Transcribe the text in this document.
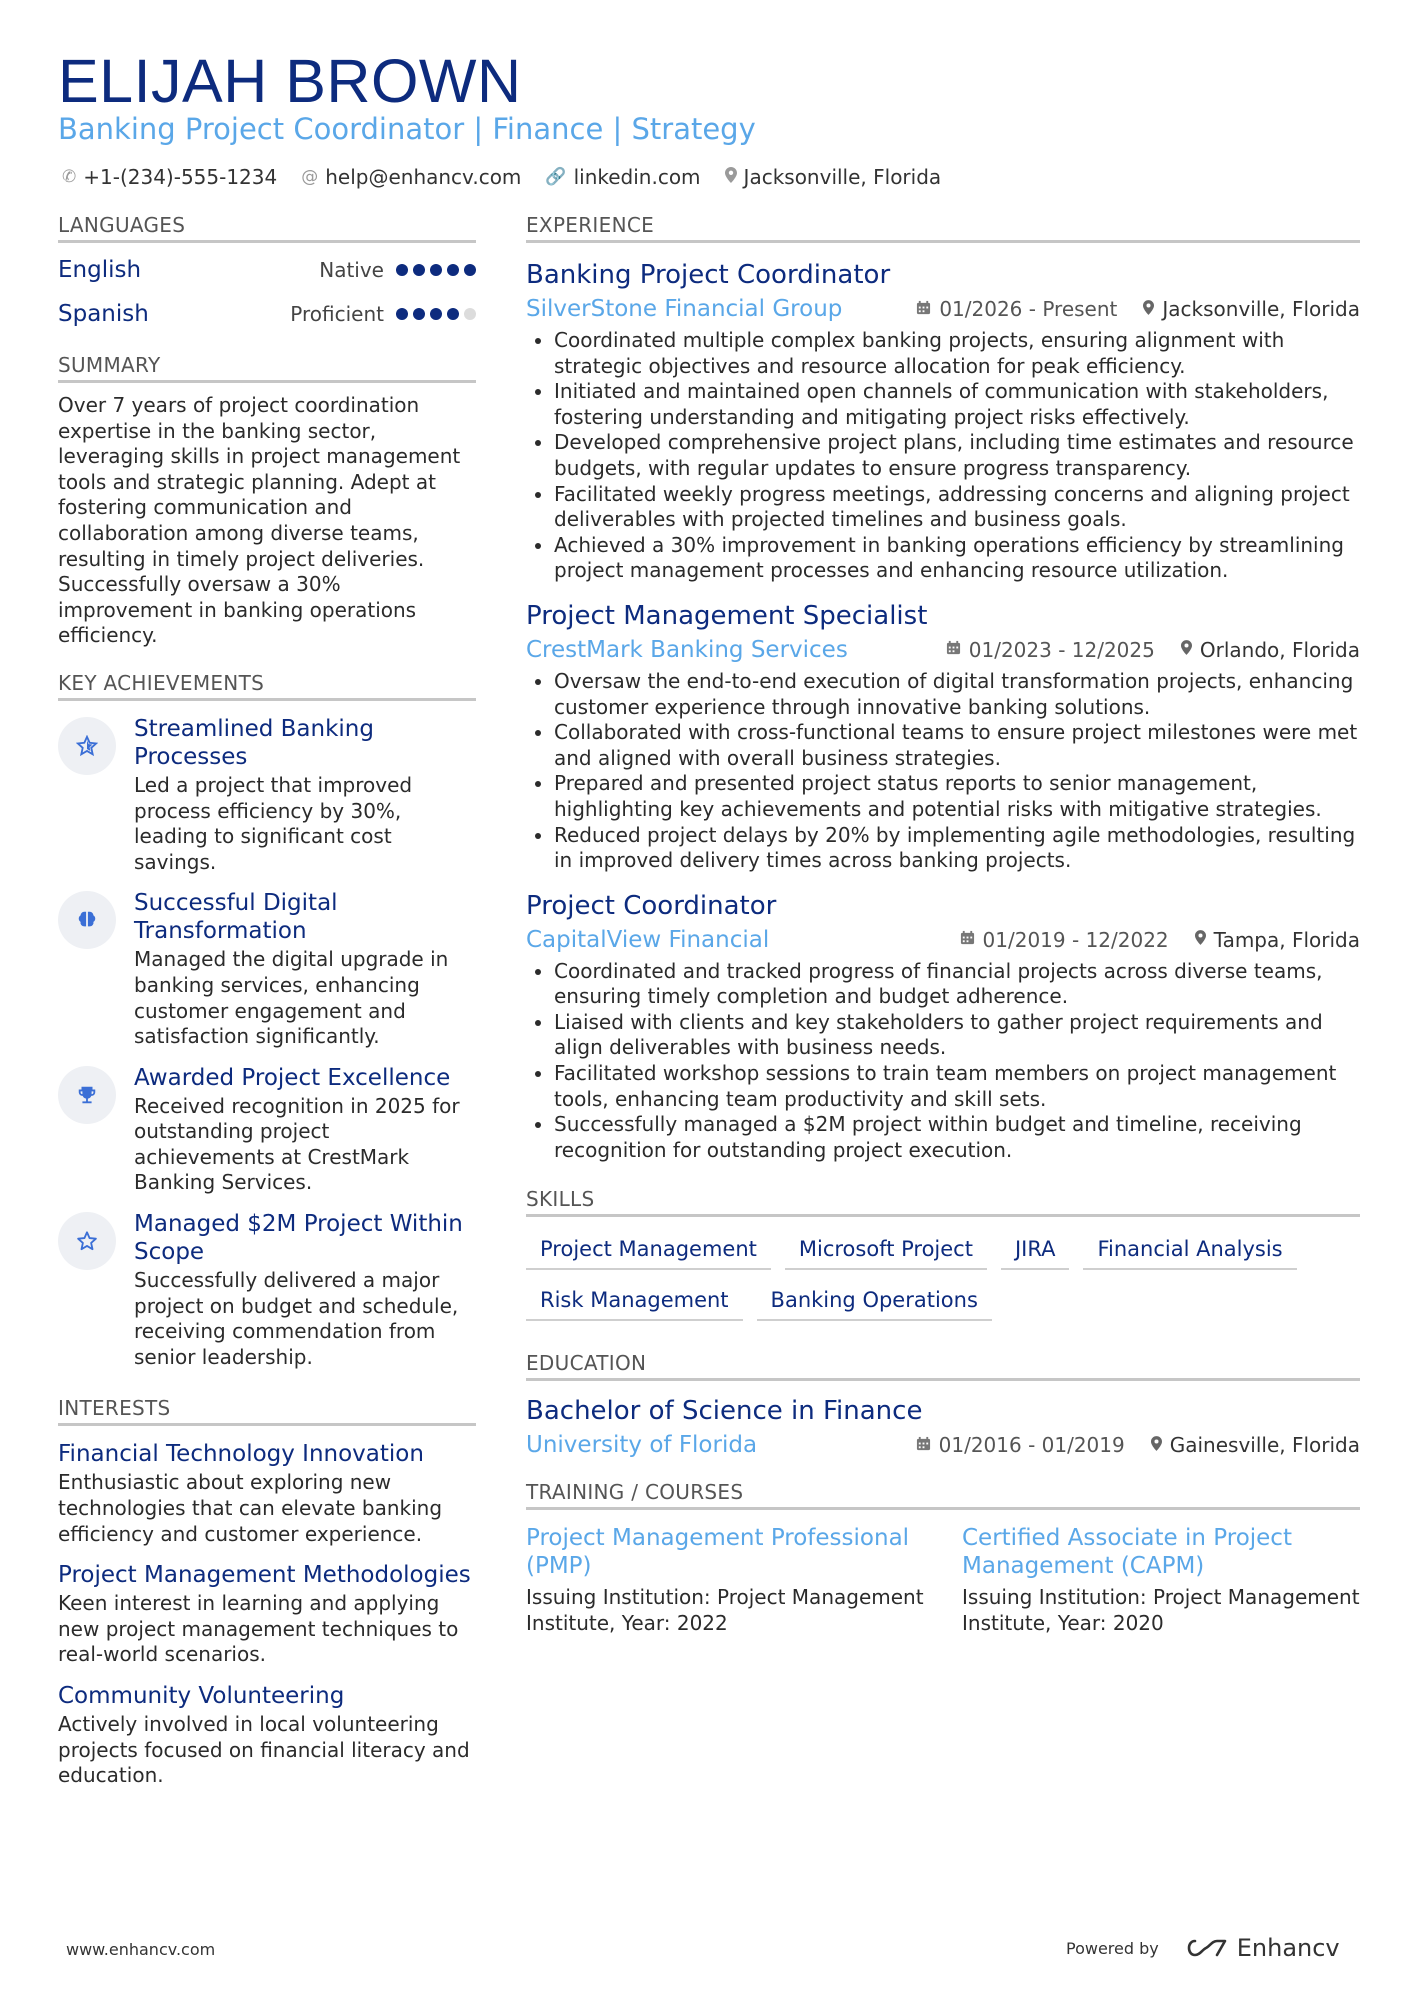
ELIJAH BROWN
Banking Project Coordinator | Finance | Strategy
✆ +1-(234)-555-1234 @ help@enhancv.com 🔗 linkedin.com Jacksonville, Florida
LANGUAGES
English	Native
Spanish	Proficient
SUMMARY
Over 7 years of project coordination expertise in the banking sector, leveraging skills in project management tools and strategic planning. Adept at fostering communication and collaboration among diverse teams, resulting in timely project deliveries. Successfully oversaw a 30% improvement in banking operations efficiency.
KEY ACHIEVEMENTS
Streamlined Banking Processes
Led a project that improved process efficiency by 30%, leading to significant cost savings.
Successful Digital Transformation
Managed the digital upgrade in banking services, enhancing customer engagement and satisfaction significantly.
Awarded Project Excellence
Received recognition in 2025 for outstanding project achievements at CrestMark Banking Services.
Managed $2M Project Within Scope
Successfully delivered a major project on budget and schedule, receiving commendation from senior leadership.
INTERESTS
Financial Technology Innovation
Enthusiastic about exploring new technologies that can elevate banking efficiency and customer experience.
Project Management Methodologies
Keen interest in learning and applying new project management techniques to real-world scenarios.
Community Volunteering
Actively involved in local volunteering projects focused on financial literacy and education.
EXPERIENCE
Banking Project Coordinator
SilverStone Financial Group	01/2026 - Present Jacksonville, Florida
• Coordinated multiple complex banking projects, ensuring alignment with strategic objectives and resource allocation for peak efficiency.
• Initiated and maintained open channels of communication with stakeholders, fostering understanding and mitigating project risks effectively.
• Developed comprehensive project plans, including time estimates and resource budgets, with regular updates to ensure progress transparency.
• Facilitated weekly progress meetings, addressing concerns and aligning project deliverables with projected timelines and business goals.
• Achieved a 30% improvement in banking operations efficiency by streamlining project management processes and enhancing resource utilization.
Project Management Specialist
CrestMark Banking Services	01/2023 - 12/2025 Orlando, Florida
• Oversaw the end-to-end execution of digital transformation projects, enhancing customer experience through innovative banking solutions.
• Collaborated with cross-functional teams to ensure project milestones were met and aligned with overall business strategies.
• Prepared and presented project status reports to senior management, highlighting key achievements and potential risks with mitigative strategies.
• Reduced project delays by 20% by implementing agile methodologies, resulting in improved delivery times across banking projects.
Project Coordinator
CapitalView Financial	01/2019 - 12/2022 Tampa, Florida
• Coordinated and tracked progress of financial projects across diverse teams, ensuring timely completion and budget adherence.
• Liaised with clients and key stakeholders to gather project requirements and align deliverables with business needs.
• Facilitated workshop sessions to train team members on project management tools, enhancing team productivity and skill sets.
• Successfully managed a $2M project within budget and timeline, receiving recognition for outstanding project execution.
SKILLS
Project Management	Microsoft Project	JIRA	Financial Analysis
Risk Management	Banking Operations
EDUCATION
Bachelor of Science in Finance
University of Florida	01/2016 - 01/2019 Gainesville, Florida
TRAINING / COURSES
Project Management Professional (PMP)
Issuing Institution: Project Management Institute, Year: 2022
Certified Associate in Project Management (CAPM)
Issuing Institution: Project Management Institute, Year: 2020
www.enhancv.com	Powered by	Enhancv
